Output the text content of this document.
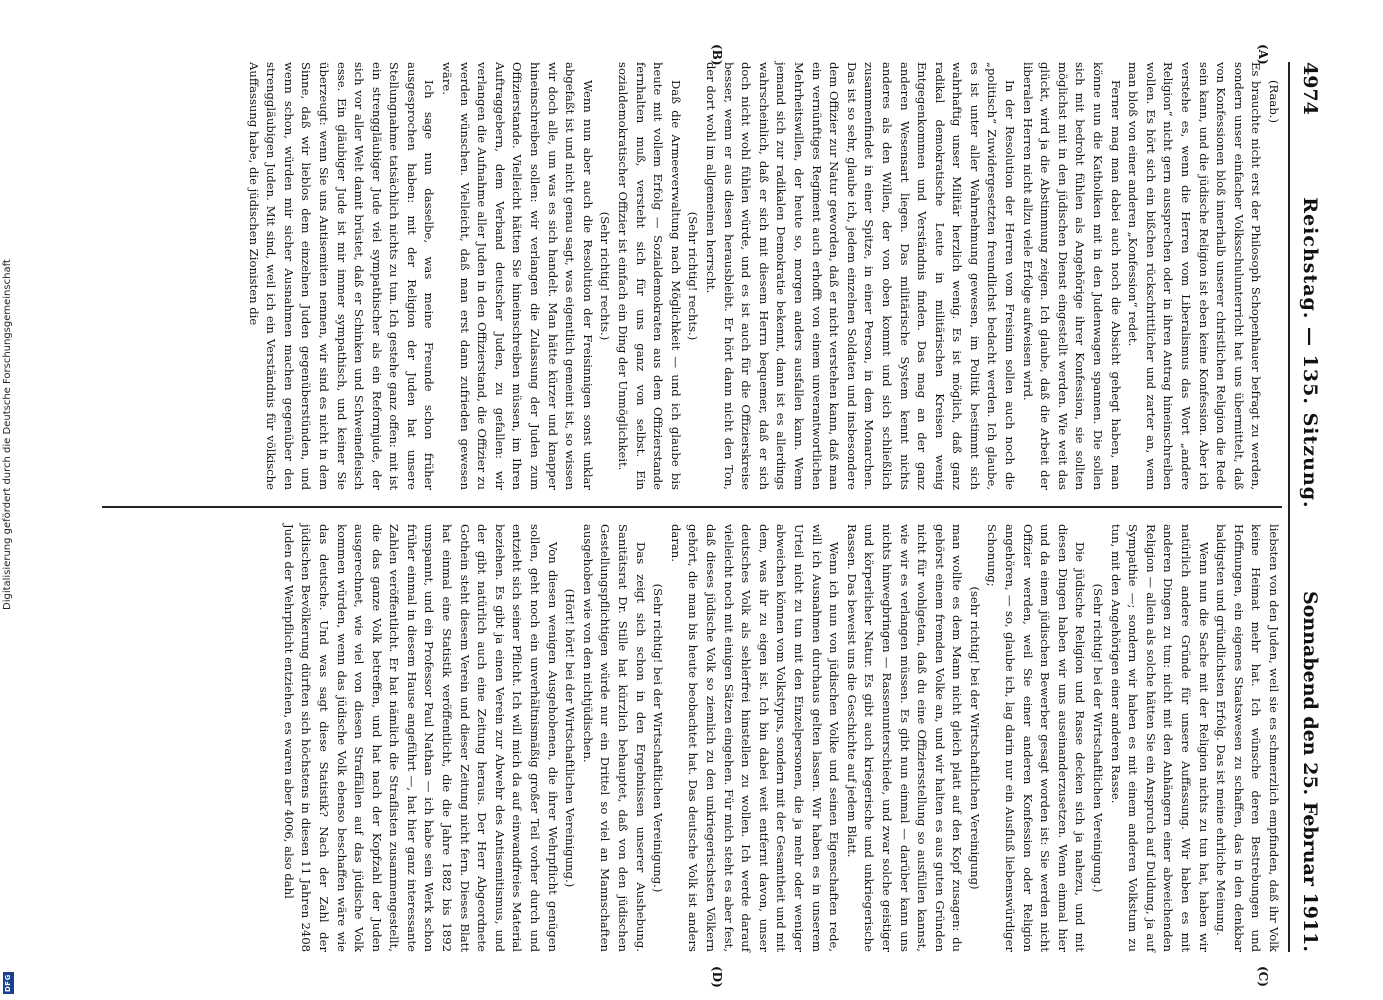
4974
Reichstag. — 135. Sitzung.
Sonnabend den 25. Februar 1911.
(A)
(B)
(C)
(D)

(Raab.)

Es brauchte nicht erst der Philosoph Schopenhauer befragt zu werden, sondern unser einfacher Volksschulunterricht hat uns übermittelt, daß von Konfessionen bloß innerhalb unserer christlichen Religion die Rede sein kann, und die jüdische Religion ist eben keine Konfession. Aber ich verstehe es, wenn die Herren vom Liberalismus das Wort „andere Religion“ nicht gern aussprechen oder in ihren Antrag hineinschreiben wollen. Es hört sich ein bißchen rückschrittlicher und zarter an, wenn man bloß von einer anderen „Konfession“ redet.

Ferner mag man dabei auch noch die Absicht gehegt haben, man könne nun die Katholiken mit in den Judenwagen spannen. Die sollen sich mit bedroht fühlen als Angehörige ihrer Konfession, sie sollten möglichst mit in den jüdischen Dienst eingestellt werden. Wie weit das glückt, wird ja die Abstimmung zeigen. Ich glaube, daß die Arbeit der liberalen Herren nicht allzu viele Erfolge aufweisen wird.

In der Resolution der Herren vom Freisinn sollen auch noch die „politisch“ Zuwidergesetzten freundlichst bedacht werden. Ich glaube, es ist unter aller Wahrnehmung gewesen, im Politik bestimmt sich wahrhaftig unser Militär herzlich wenig. Es ist möglich, daß ganz radikal demokratische Leute in militärischen Kreisen wenig Entgegenkommen und Verständnis finden. Das mag an der ganz anderen Wesensart liegen. Das militärische System kennt nichts anderes als den Willen, der von oben kommt und sich schließlich zusammenfindet in einer Spitze, in einer Person, in dem Monarchen. Das ist so sehr, glaube ich, jedem einzelnen Soldaten und insbesondere dem Offizier zur Natur geworden, daß er nicht verstehen kann, daß man ein vernünftiges Regiment auch erhofft von einem unverantwortlichen Mehrheitswillen, der heute so, morgen anders ausfallen kann. Wenn jemand sich zur radikalen Demokratie bekennt, dann ist es allerdings wahrscheinlich, daß er sich mit diesem Herrn bequemer, daß er sich doch nicht wohl fühlen würde, und es ist auch für die Offizierskreise besser, wenn er aus diesen herausbleibt. Er hört dann nicht den Ton, der dort wohl im allgemeinen herrscht.

(Sehr richtig! rechts.)

Daß die Armeeverwaltung nach Möglichkeit — und ich glaube bis heute mit vollem Erfolg — Sozialdemokraten aus dem Offizierstande fernhalten muß, versteht sich für uns ganz von selbst. Ein sozialdemokratischer Offizier ist einfach ein Ding der Unmöglichkeit.

(Sehr richtig! rechts.)

Wenn nun aber auch die Resolution der Freisinnigen sonst unklar abgefaßt ist und nicht genau sagt, was eigentlich gemeint ist, so wissen wir doch alle, um was es sich handelt. Man hätte kürzer und knapper hineinschreiben sollen: wir verlangen die Zulassung der Juden zum Offizierstande. Vielleicht hätten Sie hineinschreiben müssen, im Ihren Auftraggebern, dem Verband deutscher Juden, zu gefallen: wir verlangen die Aufnahme aller Juden in den Offizierstand, die Offizier zu werden wünschen. Vielleicht, daß man erst dann zufrieden gewesen wäre.

Ich sage nun dasselbe, was meine Freunde schon früher ausgesprochen haben: mit der Religion der Juden hat unsere Stellungnahme tatsächlich nichts zu tun. Ich gestehe ganz offen: mit ist ein strenggläubiger Jude viel sympathischer als ein Reformjude, der sich vor aller Welt damit brüstet, daß er Schinken und Schweinefleisch esse. Ein gläubiger Jude ist mir immer sympathisch, und keiner Sie überzeugt: wenn Sie uns Antisemiten nennen, wir sind es nicht in dem Sinne, daß wir lieblos dem einzelnen Juden gegenüberstünden, und wenn schon, würden mir sicher Ausnahmen machen gegenüber den strenggläubigen Juden. Mit sind, weil ich ein Verständnis für völkische Auffassung habe, die jüdischen Zionisten die

liebsten von den Juden, weil sie es schmerzlich empfinden, daß ihr Volk keine Heimat mehr hat. Ich wünsche deren Bestrebungen und Hoffnungen, ein eigenes Staatswesen zu schaffen, das in den denkbar baldigsten und gründlichsten Erfolg. Das ist meine ehrliche Meinung.

Wenn nun die Sache mit der Religion nichts zu tun hat, haben wir natürlich andere Gründe für unsere Auffassung. Wir haben es mit anderen Dingen zu tun: nicht mit den Anhängern einer abweichenden Religion — allein als solche hätten Sie ein Anspruch auf Duldung, ja auf Sympathie —; sondern wir haben es mit einem anderen Volkstum zu tun, mit den Angehörigen einer anderen Rasse.

(Sehr richtig! bei der Wirtschaftlichen Vereinigung.)

Die jüdische Religion und Rasse decken sich ja nahezu, und mit diesen Dingen haben wir uns auseinanderzusetzen. Wenn einmal hier und da einem jüdischen Bewerber gesagt worden ist: Sie werden nicht Offizier werden, weil Sie einer anderen Konfession oder Religion angehören, — so, glaube ich, lag darin nur ein Ausfluß liebenswürdiger Schonung;

(sehr richtig! bei der Wirtschaftlichen Vereinigung)

man wollte es dem Mann nicht gleich platt auf den Kopf zusagen: du gehörst einem fremden Volke an, und wir halten es aus guten Gründen nicht für wohlgetan, daß du eine Offiziersstellung so ausfüllen kannst, wie wir es verlangen müssen. Es gibt nun einmal — darüber kann uns nichts hinwegbringen — Rassenunterschiede, und zwar solche geistiger und körperlicher Natur. Es gibt auch kriegerische und unkriegerische Rassen. Das beweist uns die Geschichte auf jedem Blatt.

Wenn ich nun von jüdischen Volke und seinen Eigenschaften rede, will ich Ausnahmen durchaus gelten lassen. Wir haben es in unserem Urteil nicht zu tun mit den Einzelpersonen, die ja mehr oder weniger abweichen können vom Volkstypus, sondern mit der Gesamtheit und mit dem, was ihr zu eigen ist. Ich bin dabei weit entfernt davon, unser deutsches Volk als sehlerfrei hinstellen zu wollen. Ich werde darauf vielleicht noch mit einigen Sätzen eingehen. Für mich steht es aber fest, daß dieses jüdische Volk so ziemlich zu den unkriegerischsten Völkern gehört, die man bis heute beobachtet hat. Das deutsche Volk ist anders daran.

(Sehr richtig! bei der Wirtschaftlichen Vereinigung.)

Das zeigt sich schon in den Ergebnissen unserer Aushebung. Sanitätsrat Dr. Stille hat kürzlich behauptet, daß von den jüdischen Gestellungspflichtigen würde nur ein Drittel so viel an Mannschaften ausgehoben wie von den nichtjüdischen.

(Hört! hört! bei der Wirtschaftlichen Vereinigung.)

Von diesen wenigen Ausgehobenen, die ihrer Wehrpflicht genügen sollen, geht noch ein unverhältnismäßig großer Teil vorher durch und entzieht sich seiner Pflicht. Ich will mich da auf einwandfreies Material beziehen. Es gibt ja einen Verein zur Abwehr des Antisemitismus, und der gibt natürlich auch eine Zeitung heraus. Der Herr Abgeordnete Gothein steht diesem Verein und dieser Zeitung nicht fern. Dieses Blatt hat einmal eine Statistik veröffentlicht, die die Jahre 1882 bis 1892 umspannt, und ein Professor Paul Nathan — ich habe sein Werk schon früher einmal in diesem Hause angeführt —, hat hier ganz interessante Zahlen veröffentlicht. Er hat nämlich die Straflisten zusammengestellt, die das ganze Volk betreffen, und hat nach der Kopfzahl der Juden ausgerechnet, wie viel von diesen Straffällen auf das jüdische Volk kommen würden, wenn das jüdische Volk ebenso beschaffen wäre wie das deutsche. Und was sagt diese Statistik? Nach der Zahl der jüdischen Bevölkerung dürften sich höchstens in diesen 11 Jahren 2408 Juden der Wehrpflicht entziehen, es waren aber 4006, also dahl

Digitalisierung gefördert durch die Deutsche Forschungsgemeinschaft
DFG
